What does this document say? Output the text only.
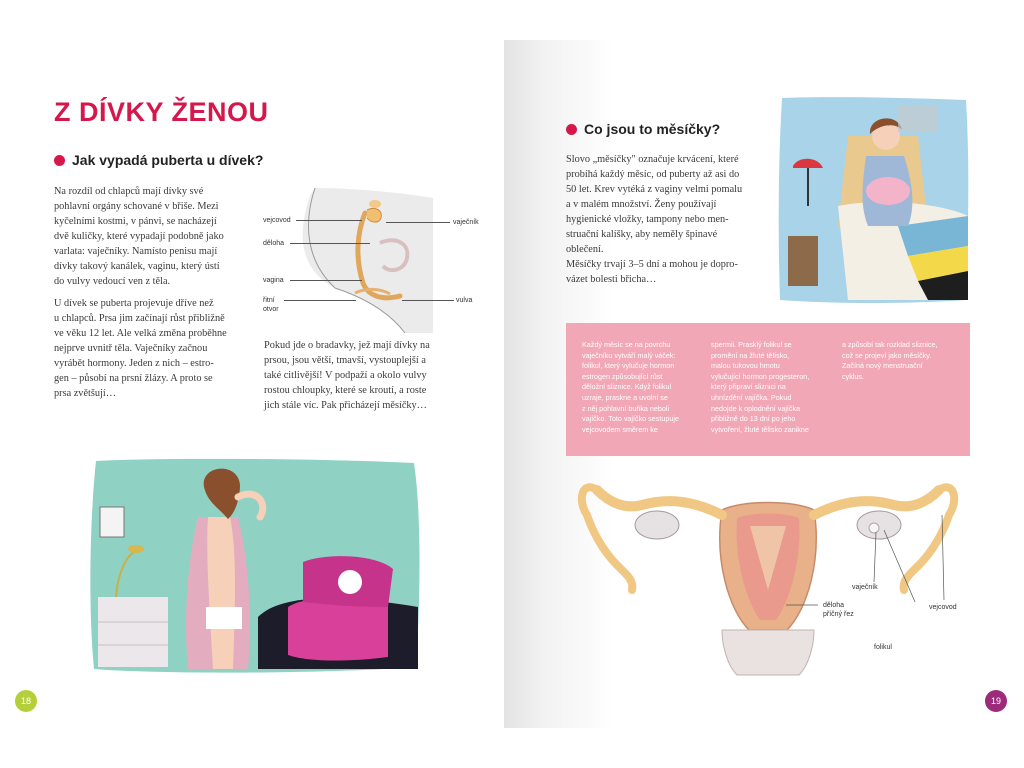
Z DÍVKY ŽENOU
Jak vypadá puberta u dívek?
Na rozdíl od chlapců mají dívky své
pohlavní orgány schované v břiše. Mezi
kyčelními kostmi, v pánvi, se nacházejí
dvě kuličky, které vypadají podobně jako
varlata: vaječníky. Namísto penisu mají
dívky takový kanálek, vaginu, který ústí
do vulvy vedoucí ven z těla.
U dívek se puberta projevuje dříve než
u chlapců. Prsa jim začínají růst přibližně
ve věku 12 let. Ale velká změna proběhne
nejprve uvnitř těla. Vaječníky začnou
vyrábět hormony. Jeden z nich – estro-
gen – působí na prsní žlázy. A proto se
prsa zvětšují…
Pokud jde o bradavky, jež mají dívky na
prsou, jsou větší, tmavší, vystouplejší a
také citlivější! V podpaží a okolo vulvy
rostou chloupky, které se kroutí, a roste
jich stále víc. Pak přicházejí měsíčky…
vejcovod
děloha
vagina
řitní
otvor
vaječník
vulva
18
Co jsou to měsíčky?
Slovo „měsíčky" označuje krvácení, které
probíhá každý měsíc, od puberty až asi do
50 let. Krev vytéká z vaginy velmi pomalu
a v malém množství. Ženy používají
hygienické vložky, tampony nebo men-
struační kalíšky, aby neměly špinavé
oblečení.
Měsíčky trvají 3–5 dní a mohou je dopro-
vázet bolesti břicha…
Každý měsíc se na povrchu
vaječníku vytváří malý váček:
folikul, který vylučuje hormon
estrogen způsobující růst
děložní sliznice. Když folikul
uzraje, praskne a uvolní se
z něj pohlavní buňka neboli
vajíčko. Toto vajíčko sestupuje
vejcovodem směrem ke
spermii. Prasklý folikul se
promění na žluté tělísko,
malou tukovou hmotu
vylučující hormon progesteron,
který připraví sliznici na
uhnízdění vajíčka. Pokud
nedojde k oplodnění vajíčka
přibližně do 13 dní po jeho
vytvoření, žluté tělísko zanikne
a způsobí tak rozklad sliznice,
což se projeví jako měsíčky.
Začíná nový menstruační
cyklus.
vaječník
děloha
příčný řez
folikul
vejcovod
19
